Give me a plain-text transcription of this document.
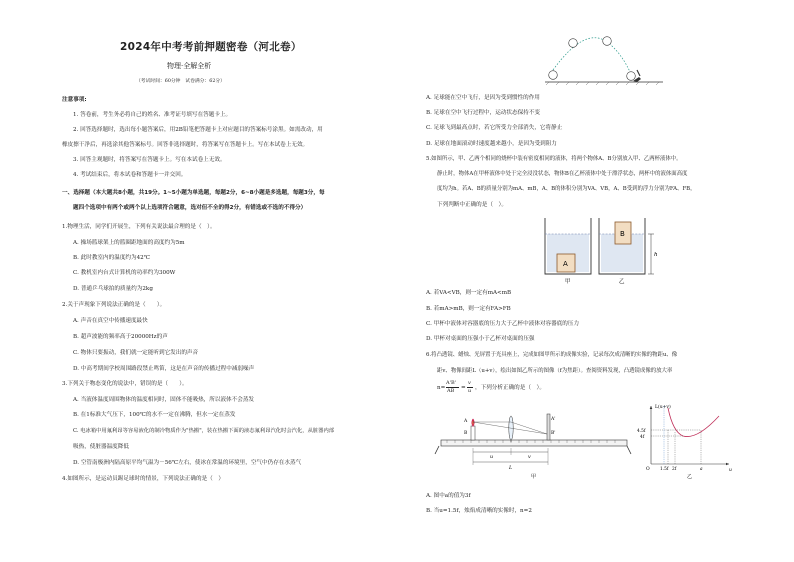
2024年中考考前押题密卷（河北卷）
物理·全解全析
（考试时间：60分钟　试卷满分：62分）
注意事项:
1. 答卷前，考生务必将自己的姓名、准考证号填写在答题卡上。
2. 回答选择题时，选出每小题答案后，用2B铅笔把答题卡上对应题目的答案标号涂黑。如需改动，用
橡皮擦干净后，再选涂其他答案标号。回答非选择题时，将答案写在答题卡上。写在本试卷上无效。
3. 回答主观题时，将答案写在答题卡上。写在本试卷上无效。
4. 考试结束后，将本试卷和答题卡一并交回。
一、选择题（本大题共8小题，共19分。1~5小题为单选题，每题2分，6~8小题是多选题，每题3分，每
题四个选项中有两个或两个以上选项符合题意，选对但不全的得2分，有错选或不选的不得分）
1.物理生活，同学们开展生，下列有关说法最合理的是（　）。
A. 操场篮球架上的篮圈距地面的高度约为5m
B. 此时教室内的温度约为42℃
C. 教机室内台式计算机的功率约为300W
D. 普通乒乓球拍的质量约为2kg
2.关于声现象下列说法正确的是（　　）。
A. 声音在真空中传播速度最快
B. 超声波能的频率高于20000Hz的声
C. 物体只要振动，我们就一定能听到它发出的声音
D. 中高考期间学校周围路段禁止鸣笛，这是在声音的传播过程中减弱噪声
3.下列关于物态变化的说法中，错误的是（　　）。
A. 当液体温度周围物体的温度相同时，固体不能吸热，所以液体不会蒸发
B. 在1标准大气压下，100℃的水不一定在沸腾，但水一定在蒸发
C. 电冰箱中用氟利昂等容易液化的制冷物质作为"热搬"，装在热搬下面的液态氟利昂汽化时会汽化，从脏器内部
吸热，使脏器温度降低
D. 空管南极洲内陆高原平均气温为－56℃左右，使冰在常温的环境里，空气中仍存在水蒸气
4.如图所示，是运动员踢足球时的情景，下列说法正确的是（　）
A. 足球能在空中飞行，是因为受到惯性的作用
B. 足球在空中飞行过程中，运动状态保持不变
C. 足球飞到最高点时，若它所受力全部消失，它将静止
D. 足球在地面滚动时速度越来越小，是因为受到阻力
5.如图所示，甲、乙两个相同的烧杯中装有密度相同的液体，将两个物体A、B分别放入甲、乙两杯液体中。
静止时，物体A在甲杯液体中处于完全浸没状态，物体B在乙杯液体中处于漂浮状态，两杯中的液体面高度
度均为h。若A、B的质量分别为mA、mB，A、B的体积分别为VA、VB，A、B受到的浮力分别为FA、FB，
下列判断中正确的是（　）。
A
B
h
甲	乙
A. 若VA<VB，则一定有mA<mB
B. 若mA>mB，则一定有FA>FB
C. 甲杯中液体对容器底的压力大于乙杯中液体对容器底的压力
D. 甲杯对桌面的压强小于乙杯对桌面的压强
6.将凸透镜、蜡烛、光屏置于光具座上，完成如图甲所示的成像实验，记录每次成清晰的实像的物距u、像
距v、物像间距L（u+v），绘出如图乙所示的图像（f为焦距）。查阅资料发现，凸透镜成像的放大率
n=
A'B'
AB =
v
u ，下列分析正确的是（　）。
A
B
A'
B'
u	v
L
甲
L(u+v)
u
O
4.5f
4f
1.5f 2f	a
乙
A. 图中a的值为3f
B. 当u=1.5f，烛焰成清晰的实像时，n=2
